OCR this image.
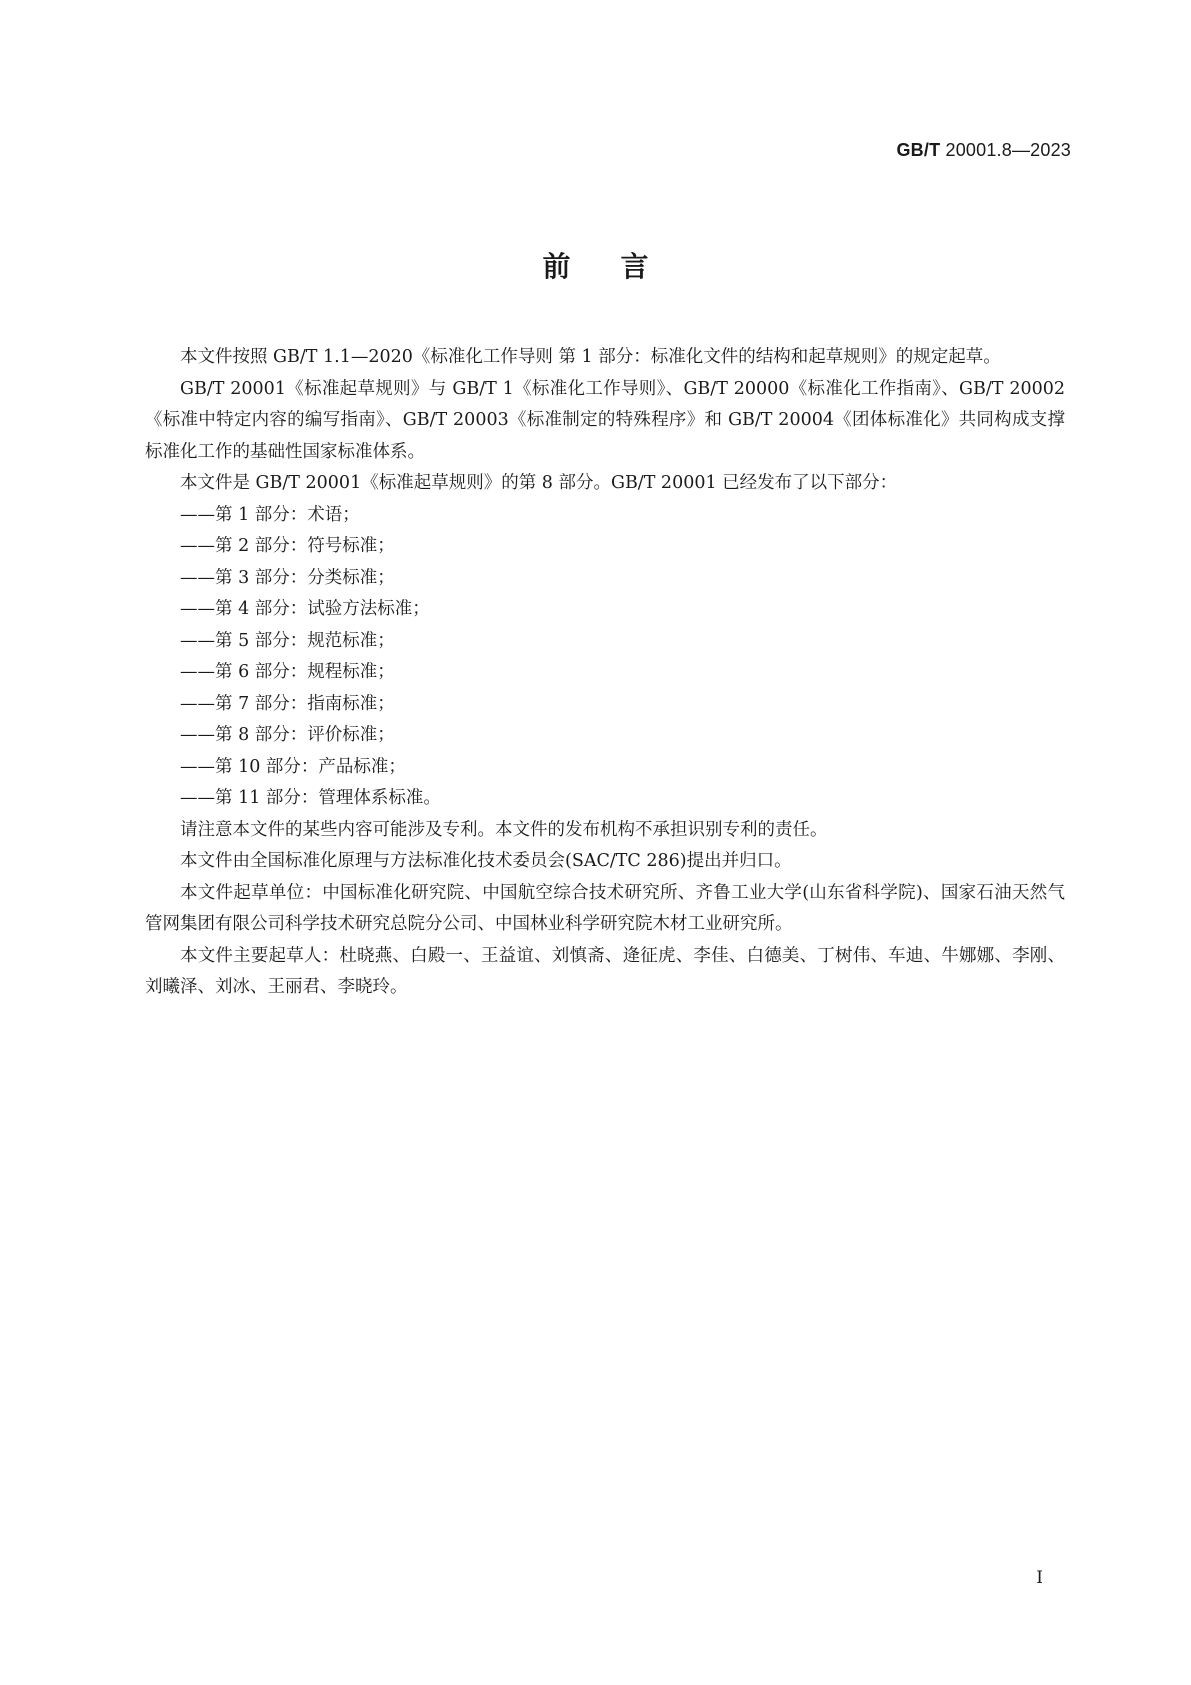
GB/T 20001.8—2023
前言

本文件按照 GB/T 1.1—2020《标准化工作导则 第 1 部分：标准化文件的结构和起草规则》的规定起草。

GB/T 20001《标准起草规则》与 GB/T 1《标准化工作导则》、GB/T 20000《标准化工作指南》、GB/T 20002《标准中特定内容的编写指南》、GB/T 20003《标准制定的特殊程序》和 GB/T 20004《团体标准化》共同构成支撑标准化工作的基础性国家标准体系。

本文件是 GB/T 20001《标准起草规则》的第 8 部分。GB/T 20001 已经发布了以下部分：

——第 1 部分：术语；
——第 2 部分：符号标准；
——第 3 部分：分类标准；
——第 4 部分：试验方法标准；
——第 5 部分：规范标准；
——第 6 部分：规程标准；
——第 7 部分：指南标准；
——第 8 部分：评价标准；
——第 10 部分：产品标准；
——第 11 部分：管理体系标准。

请注意本文件的某些内容可能涉及专利。本文件的发布机构不承担识别专利的责任。

本文件由全国标准化原理与方法标准化技术委员会(SAC/TC 286)提出并归口。

本文件起草单位：中国标准化研究院、中国航空综合技术研究所、齐鲁工业大学(山东省科学院)、国家石油天然气管网集团有限公司科学技术研究总院分公司、中国林业科学研究院木材工业研究所。

本文件主要起草人：杜晓燕、白殿一、王益谊、刘慎斋、逄征虎、李佳、白德美、丁树伟、车迪、牛娜娜、李刚、刘曦泽、刘冰、王丽君、李晓玲。

I
